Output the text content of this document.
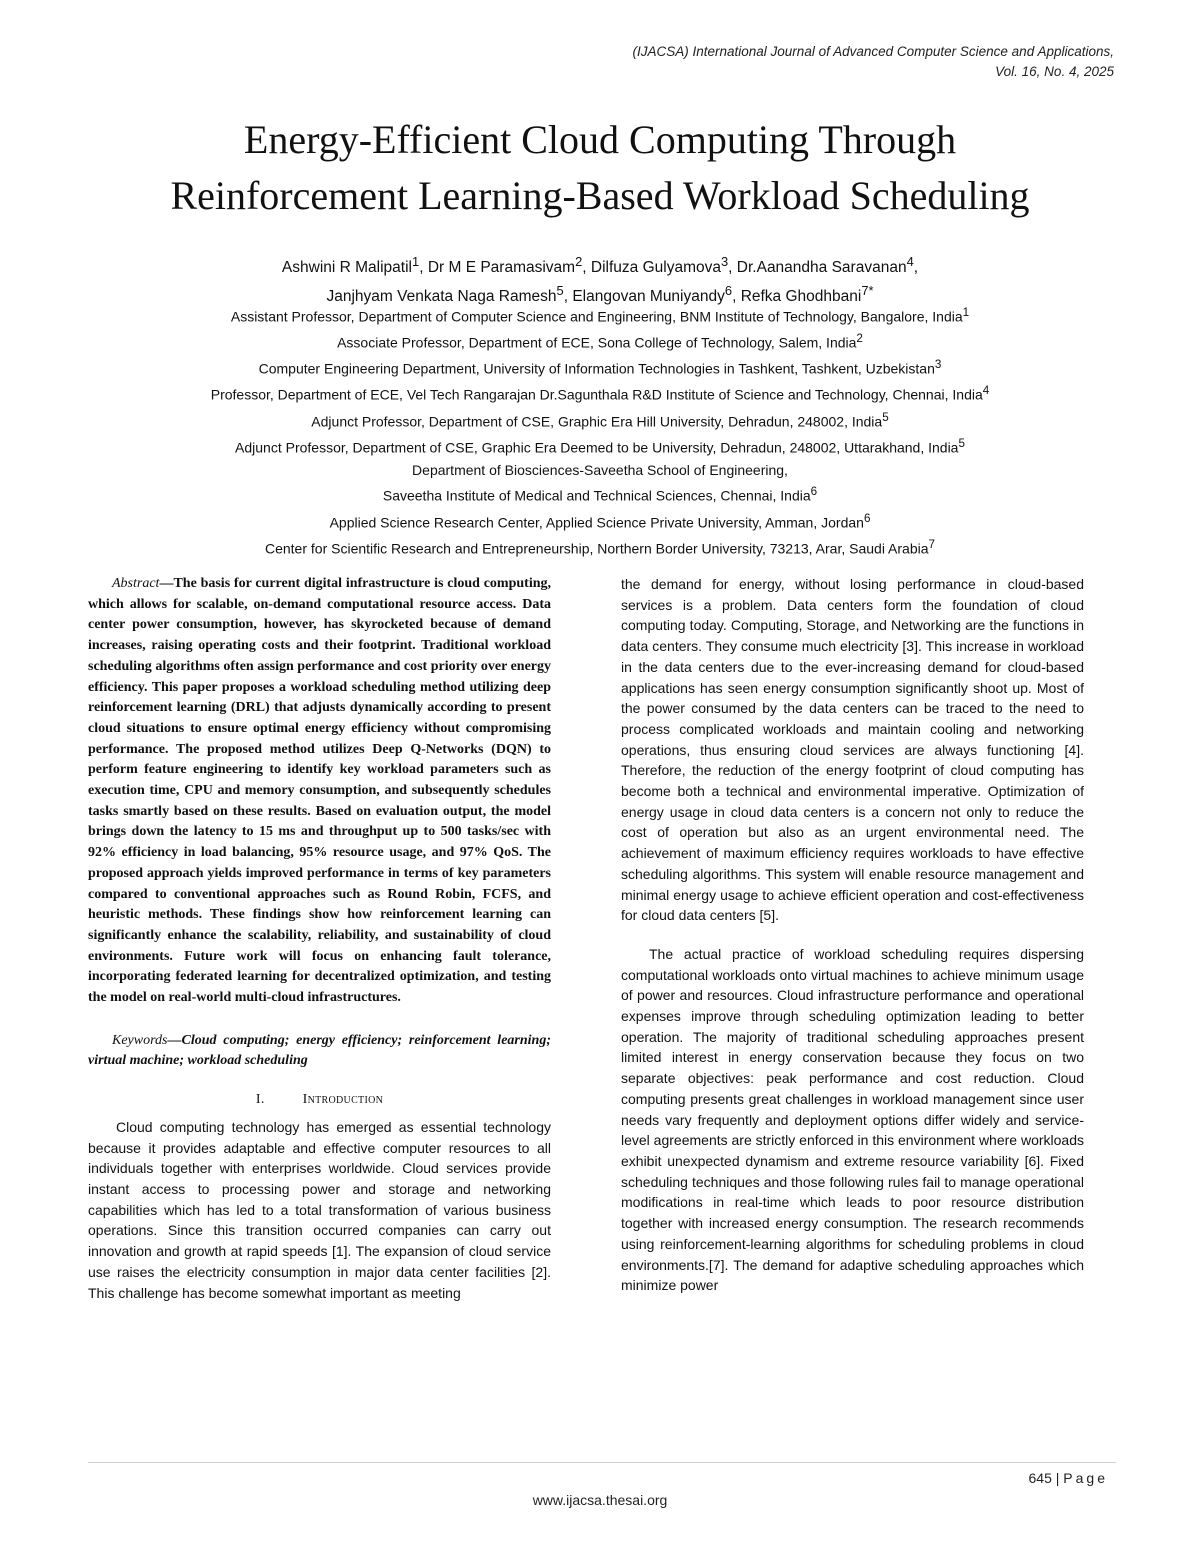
(IJACSA) International Journal of Advanced Computer Science and Applications,
Vol. 16, No. 4, 2025
Energy-Efficient Cloud Computing Through
Reinforcement Learning-Based Workload Scheduling
Ashwini R Malipatil$^1$, Dr M E Paramasivam$^2$, Dilfuza Gulyamova$^3$, Dr.Aanandha Saravanan$^4$,
Janjhyam Venkata Naga Ramesh$^5$, Elangovan Muniyandy$^6$, Refka Ghodhbani$^{7*}$
Assistant Professor, Department of Computer Science and Engineering, BNM Institute of Technology, Bangalore, India$^1$
Associate Professor, Department of ECE, Sona College of Technology, Salem, India$^2$
Computer Engineering Department, University of Information Technologies in Tashkent, Tashkent, Uzbekistan$^3$
Professor, Department of ECE, Vel Tech Rangarajan Dr.Sagunthala R&D Institute of Science and Technology, Chennai, India$^4$
Adjunct Professor, Department of CSE, Graphic Era Hill University, Dehradun, 248002, India$^5$
Adjunct Professor, Department of CSE, Graphic Era Deemed to be University, Dehradun, 248002, Uttarakhand, India$^5$
Department of Biosciences-Saveetha School of Engineering,
Saveetha Institute of Medical and Technical Sciences, Chennai, India$^6$
Applied Science Research Center, Applied Science Private University, Amman, Jordan$^6$
Center for Scientific Research and Entrepreneurship, Northern Border University, 73213, Arar, Saudi Arabia$^7$

Abstract—The basis for current digital infrastructure is cloud computing, which allows for scalable, on-demand computational resource access. Data center power consumption, however, has skyrocketed because of demand increases, raising operating costs and their footprint. Traditional workload scheduling algorithms often assign performance and cost priority over energy efficiency. This paper proposes a workload scheduling method utilizing deep reinforcement learning (DRL) that adjusts dynamically according to present cloud situations to ensure optimal energy efficiency without compromising performance. The proposed method utilizes Deep Q-Networks (DQN) to perform feature engineering to identify key workload parameters such as execution time, CPU and memory consumption, and subsequently schedules tasks smartly based on these results. Based on evaluation output, the model brings down the latency to 15 ms and throughput up to 500 tasks/sec with 92% efficiency in load balancing, 95% resource usage, and 97% QoS. The proposed approach yields improved performance in terms of key parameters compared to conventional approaches such as Round Robin, FCFS, and heuristic methods. These findings show how reinforcement learning can significantly enhance the scalability, reliability, and sustainability of cloud environments. Future work will focus on enhancing fault tolerance, incorporating federated learning for decentralized optimization, and testing the model on real-world multi-cloud infrastructures.

Keywords—Cloud computing; energy efficiency; reinforcement learning; virtual machine; workload scheduling

I.	Introduction

Cloud computing technology has emerged as essential technology because it provides adaptable and effective computer resources to all individuals together with enterprises worldwide. Cloud services provide instant access to processing power and storage and networking capabilities which has led to a total transformation of various business operations. Since this transition occurred companies can carry out innovation and growth at rapid speeds [1]. The expansion of cloud service use raises the electricity consumption in major data center facilities [2]. This challenge has become somewhat important as meeting

the demand for energy, without losing performance in cloud-based services is a problem. Data centers form the foundation of cloud computing today. Computing, Storage, and Networking are the functions in data centers. They consume much electricity [3]. This increase in workload in the data centers due to the ever-increasing demand for cloud-based applications has seen energy consumption significantly shoot up. Most of the power consumed by the data centers can be traced to the need to process complicated workloads and maintain cooling and networking operations, thus ensuring cloud services are always functioning [4]. Therefore, the reduction of the energy footprint of cloud computing has become both a technical and environmental imperative. Optimization of energy usage in cloud data centers is a concern not only to reduce the cost of operation but also as an urgent environmental need. The achievement of maximum efficiency requires workloads to have effective scheduling algorithms. This system will enable resource management and minimal energy usage to achieve efficient operation and cost-effectiveness for cloud data centers [5].

The actual practice of workload scheduling requires dispersing computational workloads onto virtual machines to achieve minimum usage of power and resources. Cloud infrastructure performance and operational expenses improve through scheduling optimization leading to better operation. The majority of traditional scheduling approaches present limited interest in energy conservation because they focus on two separate objectives: peak performance and cost reduction. Cloud computing presents great challenges in workload management since user needs vary frequently and deployment options differ widely and service-level agreements are strictly enforced in this environment where workloads exhibit unexpected dynamism and extreme resource variability [6]. Fixed scheduling techniques and those following rules fail to manage operational modifications in real-time which leads to poor resource distribution together with increased energy consumption. The research recommends using reinforcement-learning algorithms for scheduling problems in cloud environments.[7]. The demand for adaptive scheduling approaches which minimize power

645 | Page
www.ijacsa.thesai.org
